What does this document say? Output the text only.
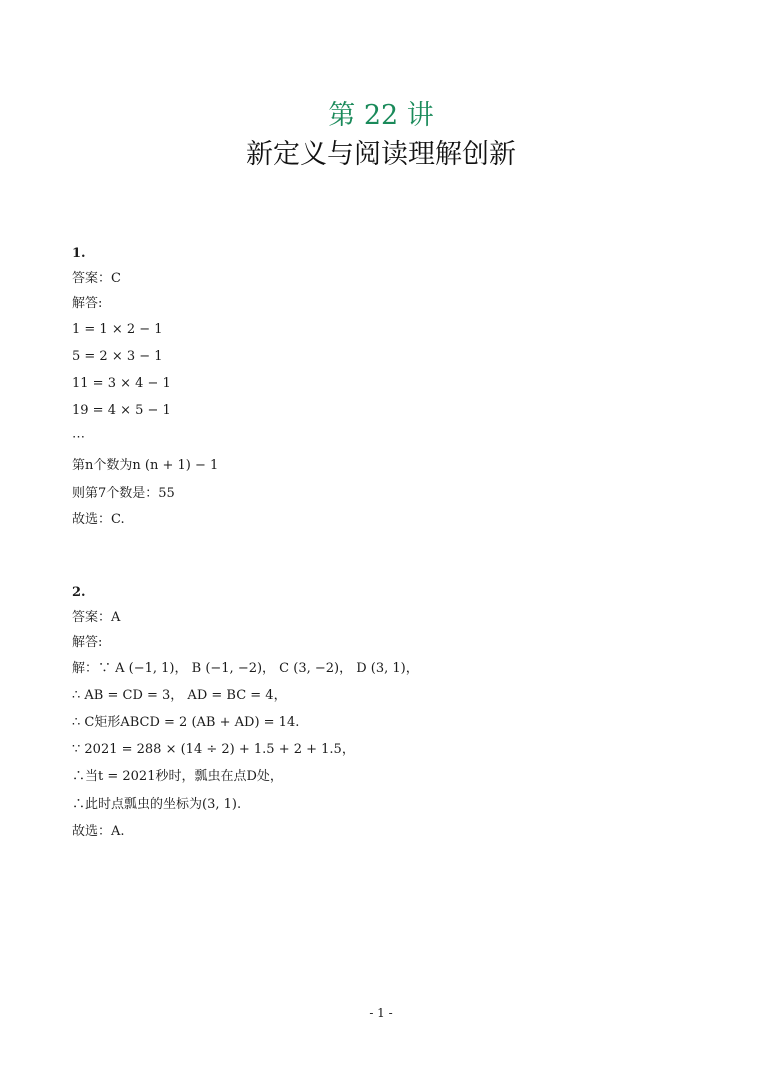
第 22 讲
新定义与阅读理解创新
1.
答案：C
解答:
1 = 1 × 2 − 1
5 = 2 × 3 − 1
11 = 3 × 4 − 1
19 = 4 × 5 − 1
⋯
第n个数为n (n + 1) − 1
则第7个数是：55
故选：C.
2.
答案：A
解答:
解：∵ A (−1, 1)， B (−1, −2)， C (3, −2)， D (3, 1)，
∴ AB = CD = 3， AD = BC = 4，
∴ C矩形ABCD = 2 (AB + AD) = 14.
∵ 2021 = 288 × (14 ÷ 2) + 1.5 + 2 + 1.5，
∴当t = 2021秒时，瓢虫在点D处，
∴此时点瓢虫的坐标为(3, 1).
故选：A.
- 1 -
